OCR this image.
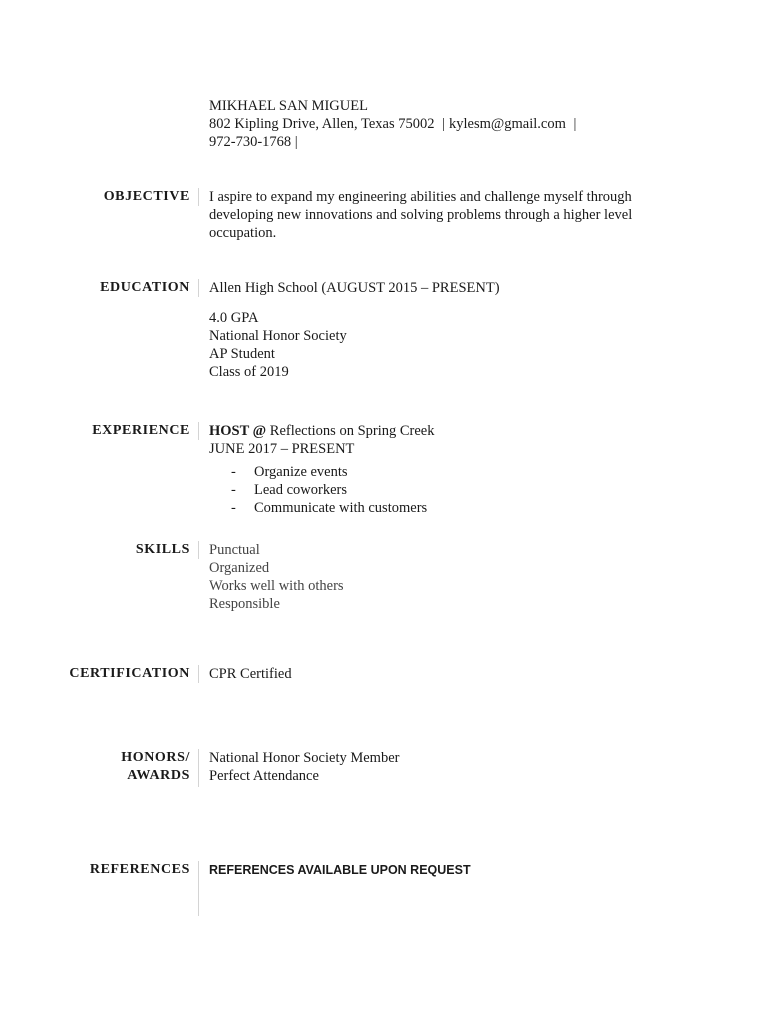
MIKHAEL SAN MIGUEL
802 Kipling Drive, Allen, Texas 75002 | kylesm@gmail.com |
972-730-1768 |
OBJECTIVE I aspire to expand my engineering abilities and challenge myself through developing new innovations and solving problems through a higher level occupation.
EDUCATION Allen High School (AUGUST 2015 – PRESENT)
4.0 GPA
National Honor Society
AP Student
Class of 2019
EXPERIENCE HOST @ Reflections on Spring Creek
JUNE 2017 – PRESENT
- Organize events
- Lead coworkers
- Communicate with customers
SKILLS Punctual
Organized
Works well with others
Responsible
CERTIFICATION CPR Certified
HONORS/
AWARDS
National Honor Society Member
Perfect Attendance
REFERENCES REFERENCES AVAILABLE UPON REQUEST
